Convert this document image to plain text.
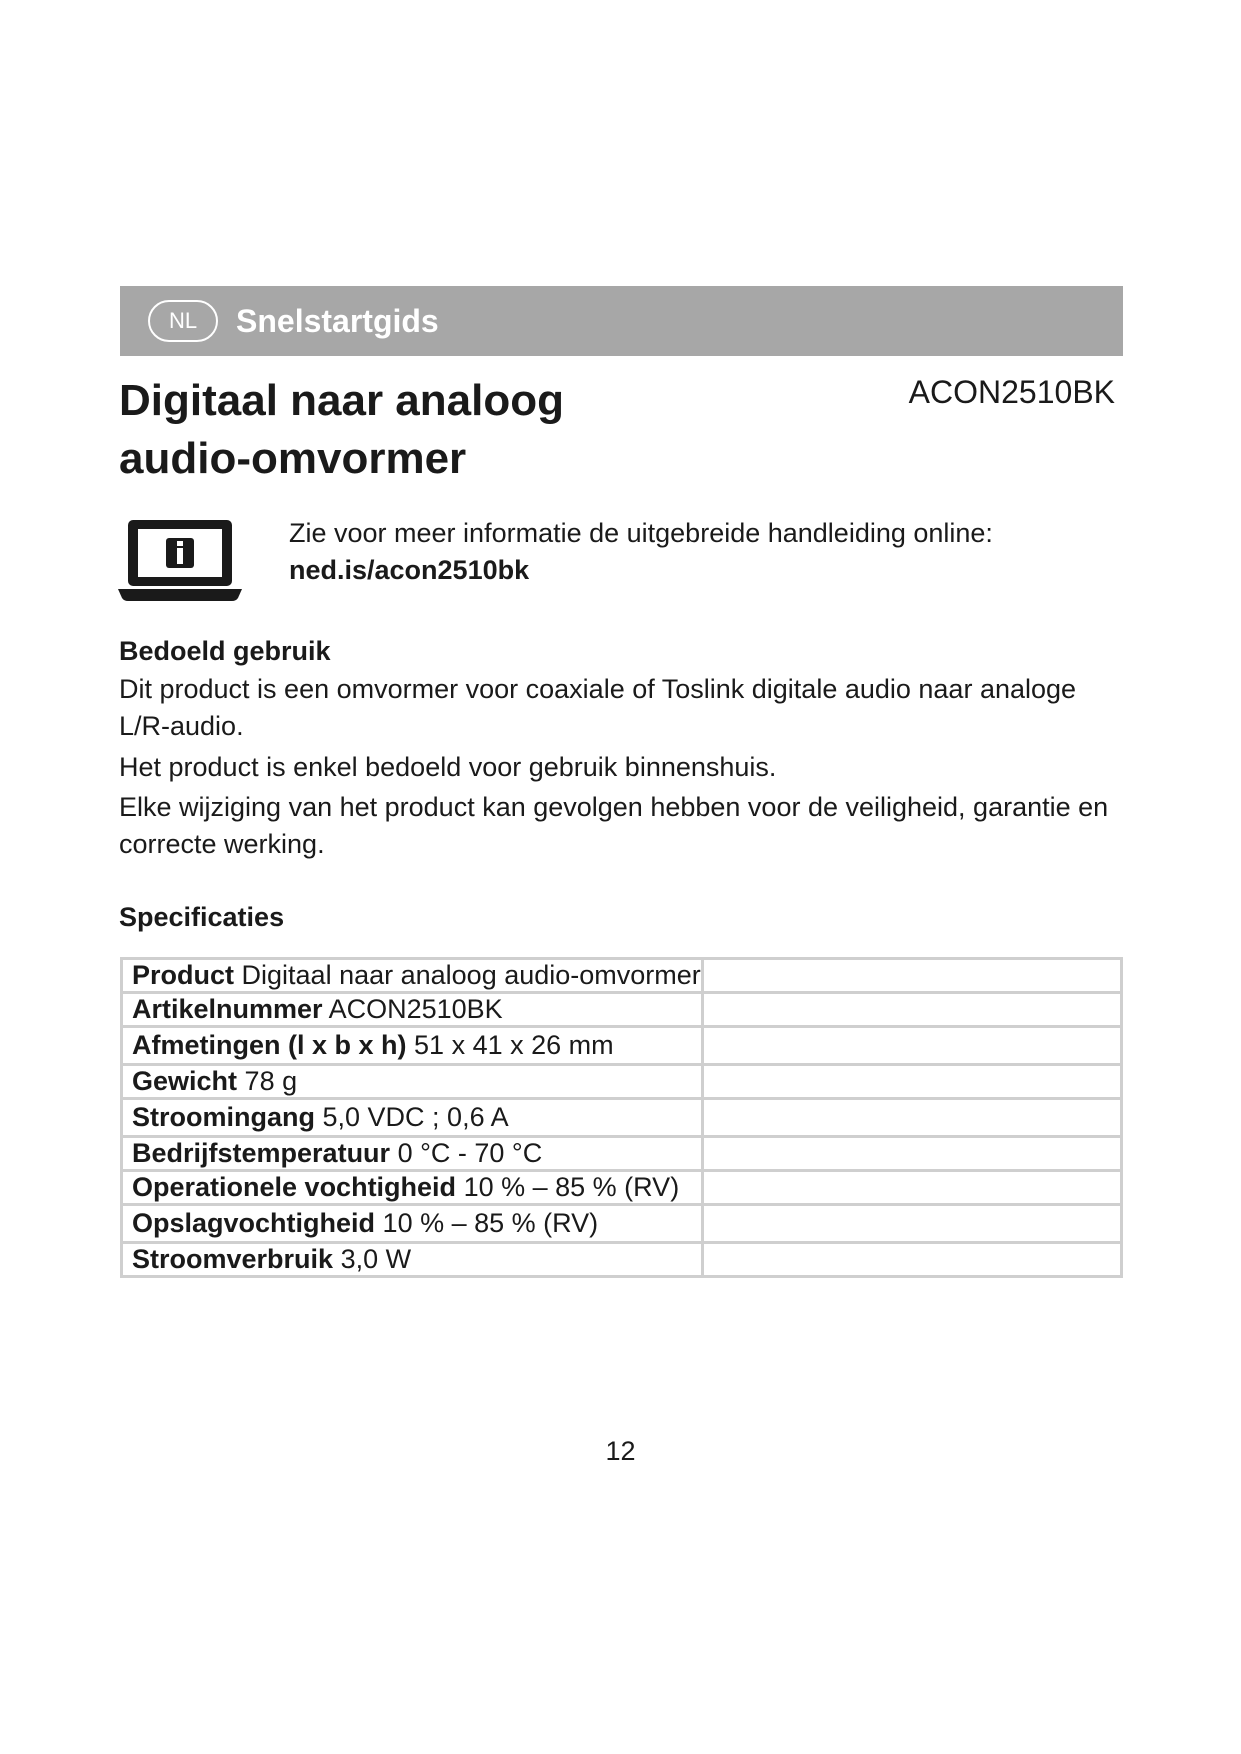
NL	Snelstartgids
Digitaal naar analoog
audio-omvormer
ACON2510BK
Zie voor meer informatie de uitgebreide handleiding online:
ned.is/acon2510bk
Bedoeld gebruik
Dit product is een omvormer voor coaxiale of Toslink digitale audio naar analoge L/R-audio.
Het product is enkel bedoeld voor gebruik binnenshuis.
Elke wijziging van het product kan gevolgen hebben voor de veiligheid, garantie en correcte werking.
Specificaties
Product Digitaal naar analoog audio-omvormer	
Artikelnummer ACON2510BK	
Afmetingen (l x b x h) 51 x 41 x 26 mm	
Gewicht 78 g	
Stroomingang 5,0 VDC ; 0,6 A	
Bedrijfstemperatuur 0 °C - 70 °C	
Operationele vochtigheid 10 % – 85 % (RV)	
Opslagvochtigheid 10 % – 85 % (RV)	
Stroomverbruik 3,0 W	
12
